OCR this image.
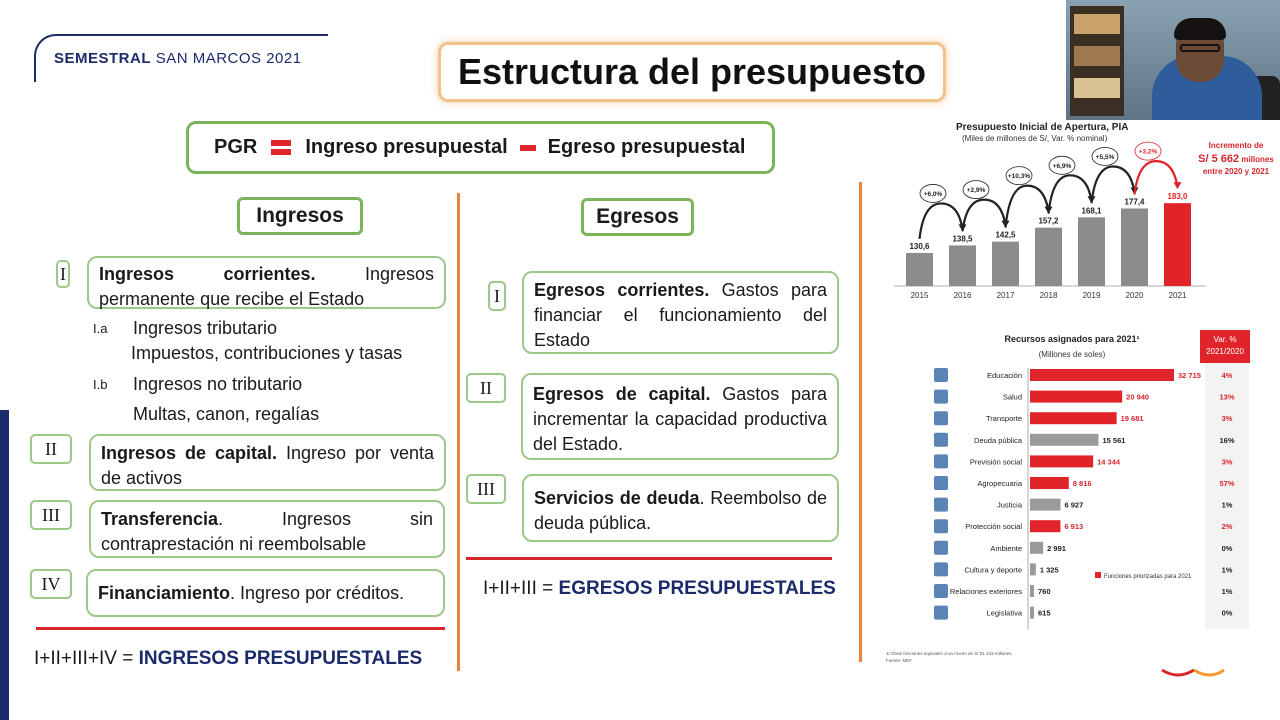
SEMESTRAL SAN MARCOS 2021	Estructura del presupuesto
PGR Ingreso presupuestal Egreso presupuestal
Ingresos	Egresos
I	Ingresos corrientes. Ingresos permanente que recibe el Estado
I.a Ingresos tributario
Impuestos, contribuciones y tasas
I.b Ingresos no tributario
Multas, canon, regalías
II	Ingresos de capital. Ingreso por venta de activos
III	Transferencia. Ingresos sin contraprestación ni reembolsable
IV	Financiamiento. Ingreso por créditos.
I+II+III+IV = INGRESOS PRESUPUESTALES
I	Egresos corrientes. Gastos para financiar el funcionamiento del Estado
II	Egresos de capital. Gastos para incrementar la capacidad productiva del Estado.
III	Servicios de deuda. Reembolso de deuda pública.
I+II+III = EGRESOS PRESUPUESTALES
Presupuesto Inicial de Apertura, PIA
(Miles de millones de S/, Var. % nominal)
Incremento de
S/ 5 662 millones
entre 2020 y 2021
130,6
2015
138,5
2016
142,5
2017
157,2
2018
168,1
2019
177,4
2020
183,0
2021
+6,0%
+2,9%
+10,3%
+6,9%
+5,5%
+3,2%
Recursos asignados para 2021¹
(Millones de soles)
Var. %
2021/2020
Funciones priorizadas para 2021
1/ Otras funciones equivalen a un monto de S/ 51 443 millones.
Fuente: MEF
Educación	32 715	4%
Salud	20 940	13%
Transporte	19 681	3%
Deuda pública	15 561	16%
Previsión social	14 344	3%
Agropecuaria	8 816	57%
Justicia	6 927	1%
Protección social	6 913	2%
Ambiente	2 991	0%
Cultura y deporte 1 325	1%
Relaciones exteriores 760	1%
Legislativa 615	0%
